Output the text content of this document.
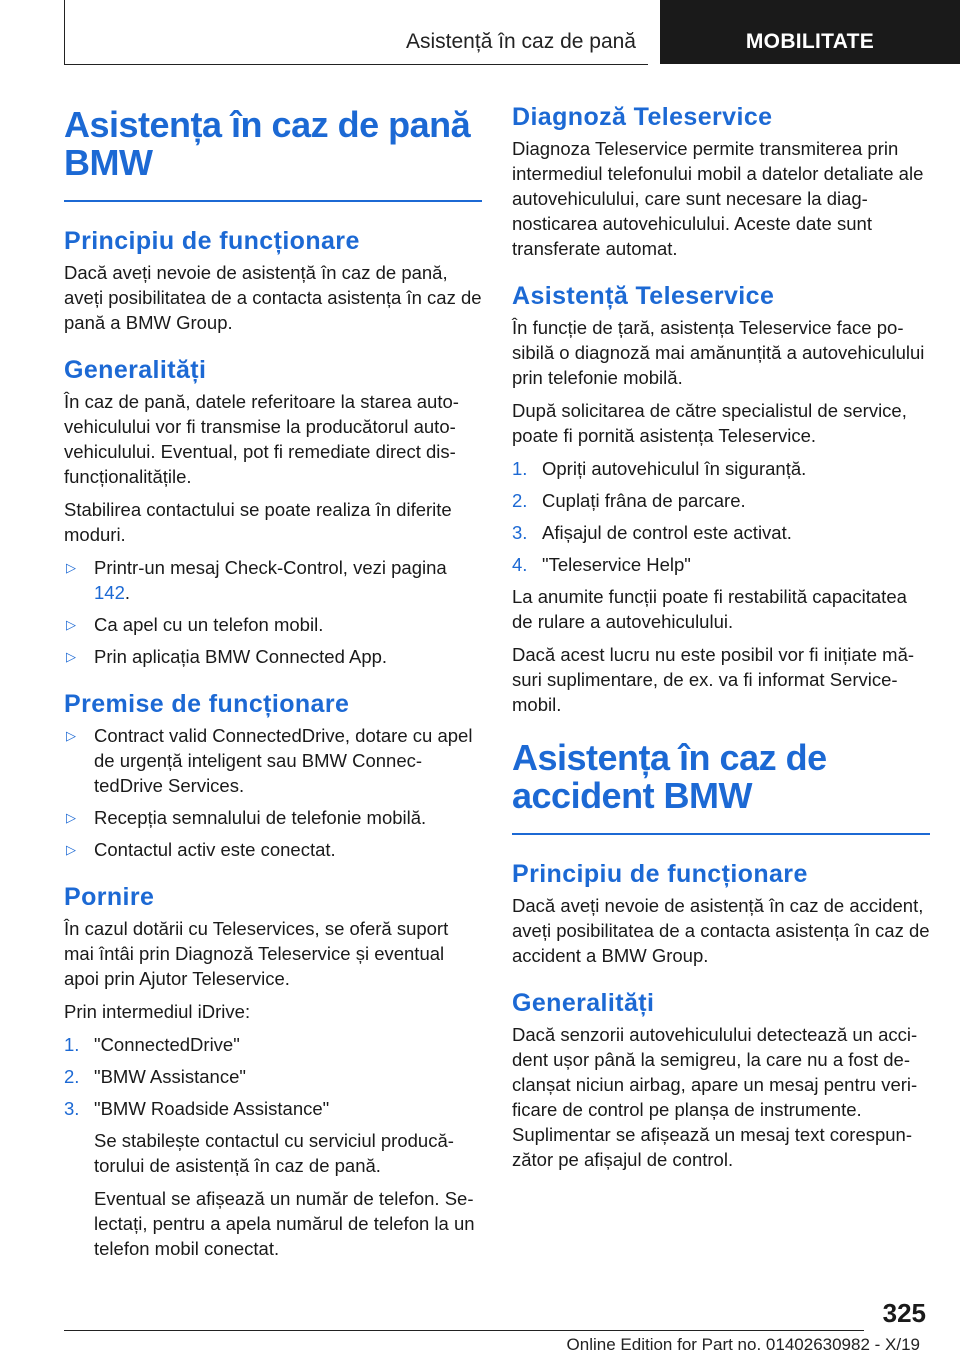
Asistență în caz de pană	MOBILITATE
Asistența în caz de pană BMW
Principiu de funcționare

Dacă aveți nevoie de asistență în caz de pană, aveți posibilitatea de a contacta asistența în caz de pană a BMW Group.

Generalități

În caz de pană, datele referitoare la starea autovehiculului vor fi transmise la producătorul autovehiculului. Eventual, pot fi remediate direct disfuncționalitățile.

Stabilirea contactului se poate realiza în diferite moduri.

▷ Printr-un mesaj Check-Control, vezi pagina 142.
▷ Ca apel cu un telefon mobil.
▷ Prin aplicația BMW Connected App.
Premise de funcționare
▷ Contract valid ConnectedDrive, dotare cu apel de urgență inteligent sau BMW ConnectedDrive Services.
▷ Recepția semnalului de telefonie mobilă.
▷ Contactul activ este conectat.
Pornire

În cazul dotării cu Teleservices, se oferă suport mai întâi prin Diagnoză Teleservice și eventual apoi prin Ajutor Teleservice.

Prin intermediul iDrive:

1. "ConnectedDrive"
2. "BMW Assistance"
3. "BMW Roadside Assistance"

Se stabilește contactul cu serviciul producătorului de asistență în caz de pană.

Eventual se afișează un număr de telefon. Selectați, pentru a apela numărul de telefon la un telefon mobil conectat.

Diagnoză Teleservice

Diagnoza Teleservice permite transmiterea prin intermediul telefonului mobil a datelor detaliate ale autovehiculului, care sunt necesare la diagnosticarea autovehiculului. Aceste date sunt transferate automat.

Asistență Teleservice

În funcție de țară, asistența Teleservice face posibilă o diagnoză mai amănunțită a autovehiculului prin telefonie mobilă.

După solicitarea de către specialistul de service, poate fi pornită asistența Teleservice.

1. Opriți autovehiculul în siguranță.
2. Cuplați frâna de parcare.
3. Afișajul de control este activat.
4. "Teleservice Help"

La anumite funcții poate fi restabilită capacitatea de rulare a autovehiculului.

Dacă acest lucru nu este posibil vor fi inițiate măsuri suplimentare, de ex. va fi informat Service-mobil.

Asistența în caz de accident BMW
Principiu de funcționare

Dacă aveți nevoie de asistență în caz de accident, aveți posibilitatea de a contacta asistența în caz de accident a BMW Group.

Generalități

Dacă senzorii autovehiculului detectează un accident ușor până la semigreu, la care nu a fost declanșat niciun airbag, apare un mesaj pentru verificare de control pe planșa de instrumente. Suplimentar se afișează un mesaj text corespunzător pe afișajul de control.

325
Online Edition for Part no. 01402630982 - X/19
